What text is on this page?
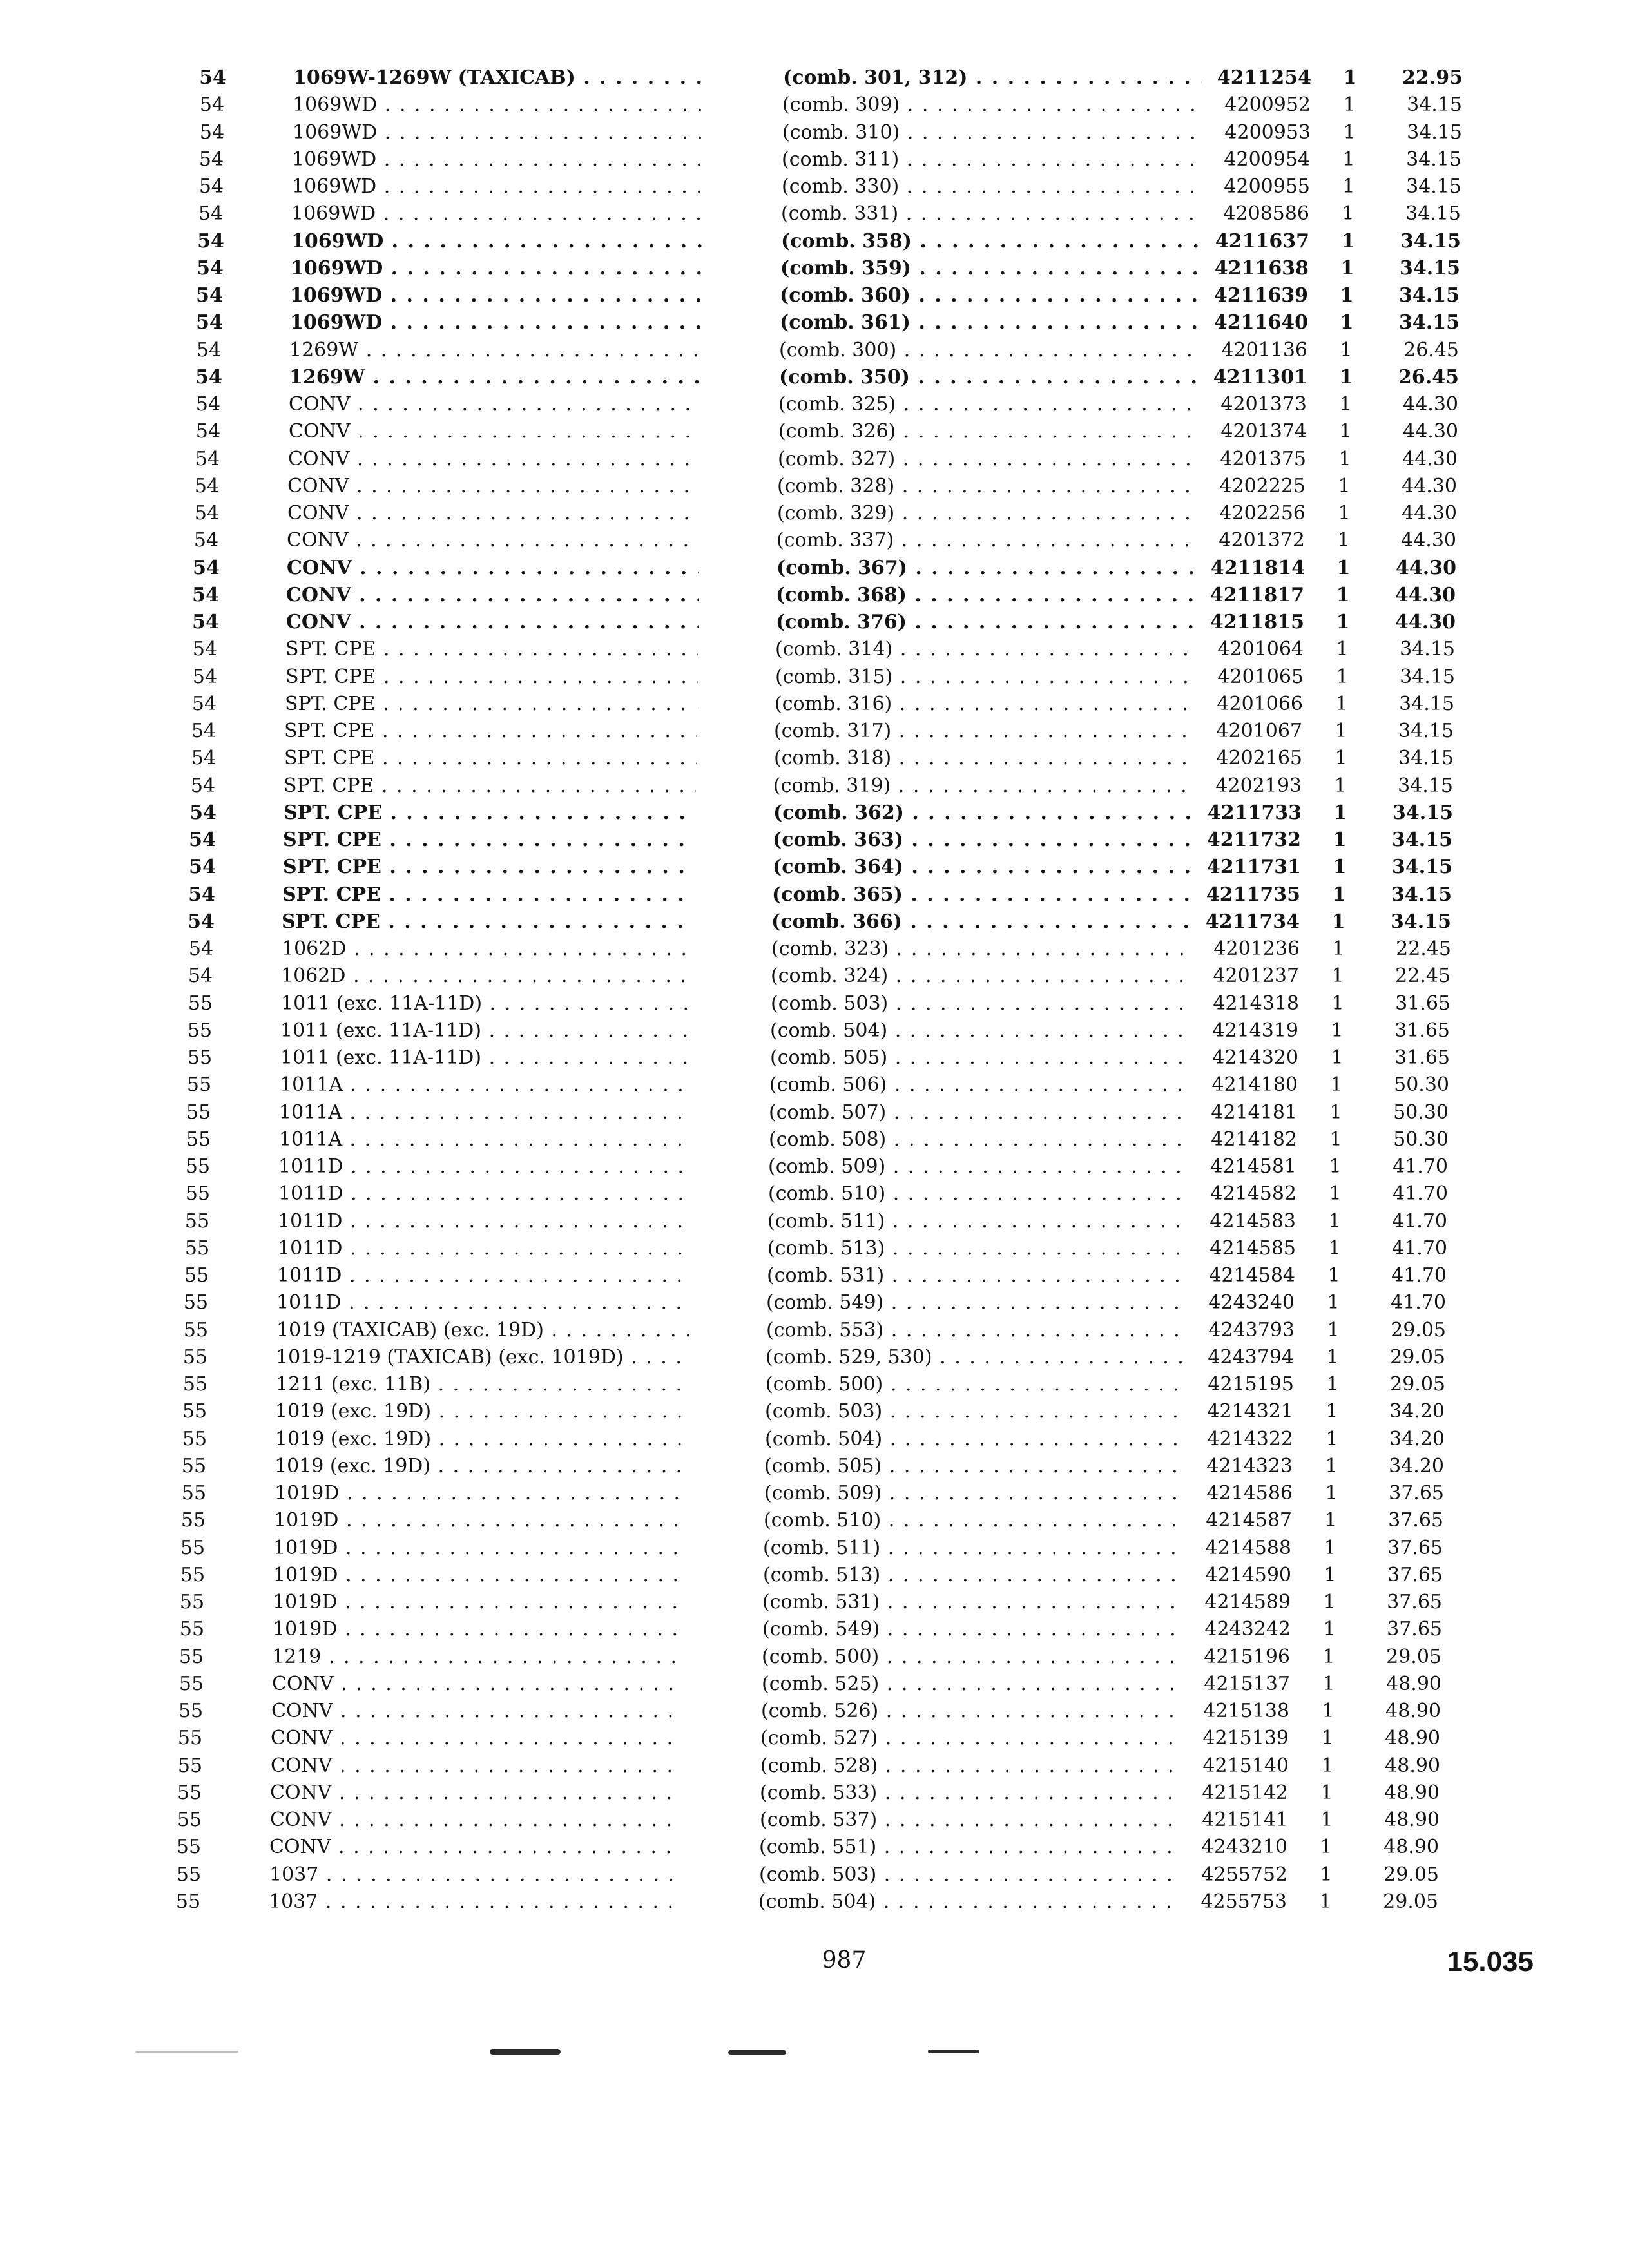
54	1069W-1269W (TAXICAB) . . .	(comb. 301, 312) . . .	4211254	1	22.95
54	1069WD . . .	(comb. 309) . . .	4200952	1	34.15
54	1069WD . . .	(comb. 310) . . .	4200953	1	34.15
54	1069WD . . .	(comb. 311) . . .	4200954	1	34.15
54	1069WD . . .	(comb. 330) . . .	4200955	1	34.15
54	1069WD . . .	(comb. 331) . . .	4208586	1	34.15
54	1069WD . . .	(comb. 358) . . .	4211637	1	34.15
54	1069WD . . .	(comb. 359) . . .	4211638	1	34.15
54	1069WD . . .	(comb. 360) . . .	4211639	1	34.15
54	1069WD . . .	(comb. 361) . . .	4211640	1	34.15
54	1269W . . .	(comb. 300) . . .	4201136	1	26.45
54	1269W . . .	(comb. 350) . . .	4211301	1	26.45
54	CONV . . .	(comb. 325) . . .	4201373	1	44.30
54	CONV . . .	(comb. 326) . . .	4201374	1	44.30
54	CONV . . .	(comb. 327) . . .	4201375	1	44.30
54	CONV . . .	(comb. 328) . . .	4202225	1	44.30
54	CONV . . .	(comb. 329) . . .	4202256	1	44.30
54	CONV . . .	(comb. 337) . . .	4201372	1	44.30
54	CONV . . .	(comb. 367) . . .	4211814	1	44.30
54	CONV . . .	(comb. 368) . . .	4211817	1	44.30
54	CONV . . .	(comb. 376) . . .	4211815	1	44.30
54	SPT. CPE . . .	(comb. 314) . . .	4201064	1	34.15
54	SPT. CPE . . .	(comb. 315) . . .	4201065	1	34.15
54	SPT. CPE . . .	(comb. 316) . . .	4201066	1	34.15
54	SPT. CPE . . .	(comb. 317) . . .	4201067	1	34.15
54	SPT. CPE . . .	(comb. 318) . . .	4202165	1	34.15
54	SPT. CPE . . .	(comb. 319) . . .	4202193	1	34.15
54	SPT. CPE . . .	(comb. 362) . . .	4211733	1	34.15
54	SPT. CPE . . .	(comb. 363) . . .	4211732	1	34.15
54	SPT. CPE . . .	(comb. 364) . . .	4211731	1	34.15
54	SPT. CPE . . .	(comb. 365) . . .	4211735	1	34.15
54	SPT. CPE . . .	(comb. 366) . . .	4211734	1	34.15
54	1062D . . .	(comb. 323) . . .	4201236	1	22.45
54	1062D . . .	(comb. 324) . . .	4201237	1	22.45
55	1011 (exc. 11A-11D) . . .	(comb. 503) . . .	4214318	1	31.65
55	1011 (exc. 11A-11D) . . .	(comb. 504) . . .	4214319	1	31.65
55	1011 (exc. 11A-11D) . . .	(comb. 505) . . .	4214320	1	31.65
55	1011A . . .	(comb. 506) . . .	4214180	1	50.30
55	1011A . . .	(comb. 507) . . .	4214181	1	50.30
55	1011A . . .	(comb. 508) . . .	4214182	1	50.30
55	1011D . . .	(comb. 509) . . .	4214581	1	41.70
55	1011D . . .	(comb. 510) . . .	4214582	1	41.70
55	1011D . . .	(comb. 511) . . .	4214583	1	41.70
55	1011D . . .	(comb. 513) . . .	4214585	1	41.70
55	1011D . . .	(comb. 531) . . .	4214584	1	41.70
55	1011D . . .	(comb. 549) . . .	4243240	1	41.70
55	1019 (TAXICAB) (exc. 19D) . . .	(comb. 553) . . .	4243793	1	29.05
55	1019-1219 (TAXICAB) (exc. 1019D) . . .	(comb. 529, 530) . . .	4243794	1	29.05
55	1211 (exc. 11B) . . .	(comb. 500) . . .	4215195	1	29.05
55	1019 (exc. 19D) . . .	(comb. 503) . . .	4214321	1	34.20
55	1019 (exc. 19D) . . .	(comb. 504) . . .	4214322	1	34.20
55	1019 (exc. 19D) . . .	(comb. 505) . . .	4214323	1	34.20
55	1019D . . .	(comb. 509) . . .	4214586	1	37.65
55	1019D . . .	(comb. 510) . . .	4214587	1	37.65
55	1019D . . .	(comb. 511) . . .	4214588	1	37.65
55	1019D . . .	(comb. 513) . . .	4214590	1	37.65
55	1019D . . .	(comb. 531) . . .	4214589	1	37.65
55	1019D . . .	(comb. 549) . . .	4243242	1	37.65
55	1219 . . .	(comb. 500) . . .	4215196	1	29.05
55	CONV . . .	(comb. 525) . . .	4215137	1	48.90
55	CONV . . .	(comb. 526) . . .	4215138	1	48.90
55	CONV . . .	(comb. 527) . . .	4215139	1	48.90
55	CONV . . .	(comb. 528) . . .	4215140	1	48.90
55	CONV . . .	(comb. 533) . . .	4215142	1	48.90
55	CONV . . .	(comb. 537) . . .	4215141	1	48.90
55	CONV . . .	(comb. 551) . . .	4243210	1	48.90
55	1037 . . .	(comb. 503) . . .	4255752	1	29.05
55	1037 . . .	(comb. 504) . . .	4255753	1	29.05
987	15.035
